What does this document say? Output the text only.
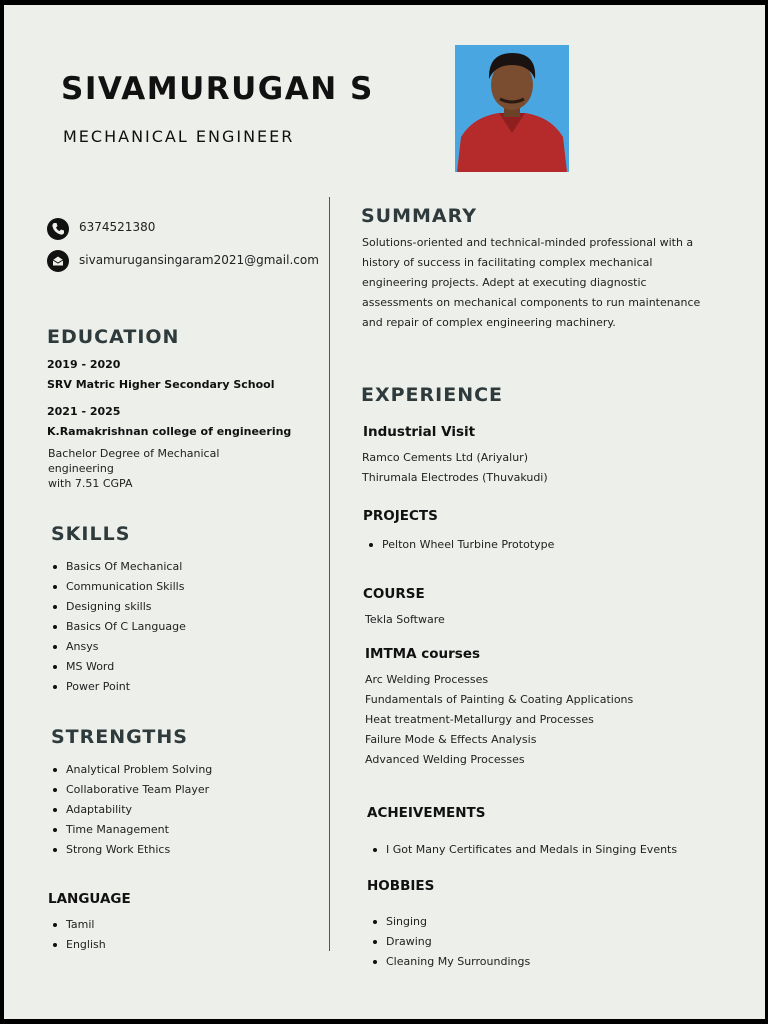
SIVAMURUGAN S
MECHANICAL ENGINEER
6374521380
sivamurugansingaram2021@gmail.com
EDUCATION
2019 - 2020
SRV Matric Higher Secondary School
2021 - 2025
K.Ramakrishnan college of engineering
Bachelor Degree of Mechanical
engineering
with 7.51 CGPA
SKILLS
Basics Of Mechanical
Communication Skills
Designing skills
Basics Of C Language
Ansys
MS Word
Power Point
STRENGTHS
Analytical Problem Solving
Collaborative Team Player
Adaptability
Time Management
Strong Work Ethics
LANGUAGE
Tamil
English
SUMMARY
Solutions-oriented and technical-minded professional with a history of success in facilitating complex mechanical engineering projects. Adept at executing diagnostic assessments on mechanical components to run maintenance and repair of complex engineering machinery.
EXPERIENCE
Industrial Visit
Ramco Cements Ltd (Ariyalur)
Thirumala Electrodes (Thuvakudi)
PROJECTS
Pelton Wheel Turbine Prototype
COURSE
Tekla Software
IMTMA courses
Arc Welding Processes
Fundamentals of Painting & Coating Applications
Heat treatment-Metallurgy and Processes
Failure Mode & Effects Analysis
Advanced Welding Processes
ACHEIVEMENTS
I Got Many Certificates and Medals in Singing Events
HOBBIES
Singing
Drawing
Cleaning My Surroundings
